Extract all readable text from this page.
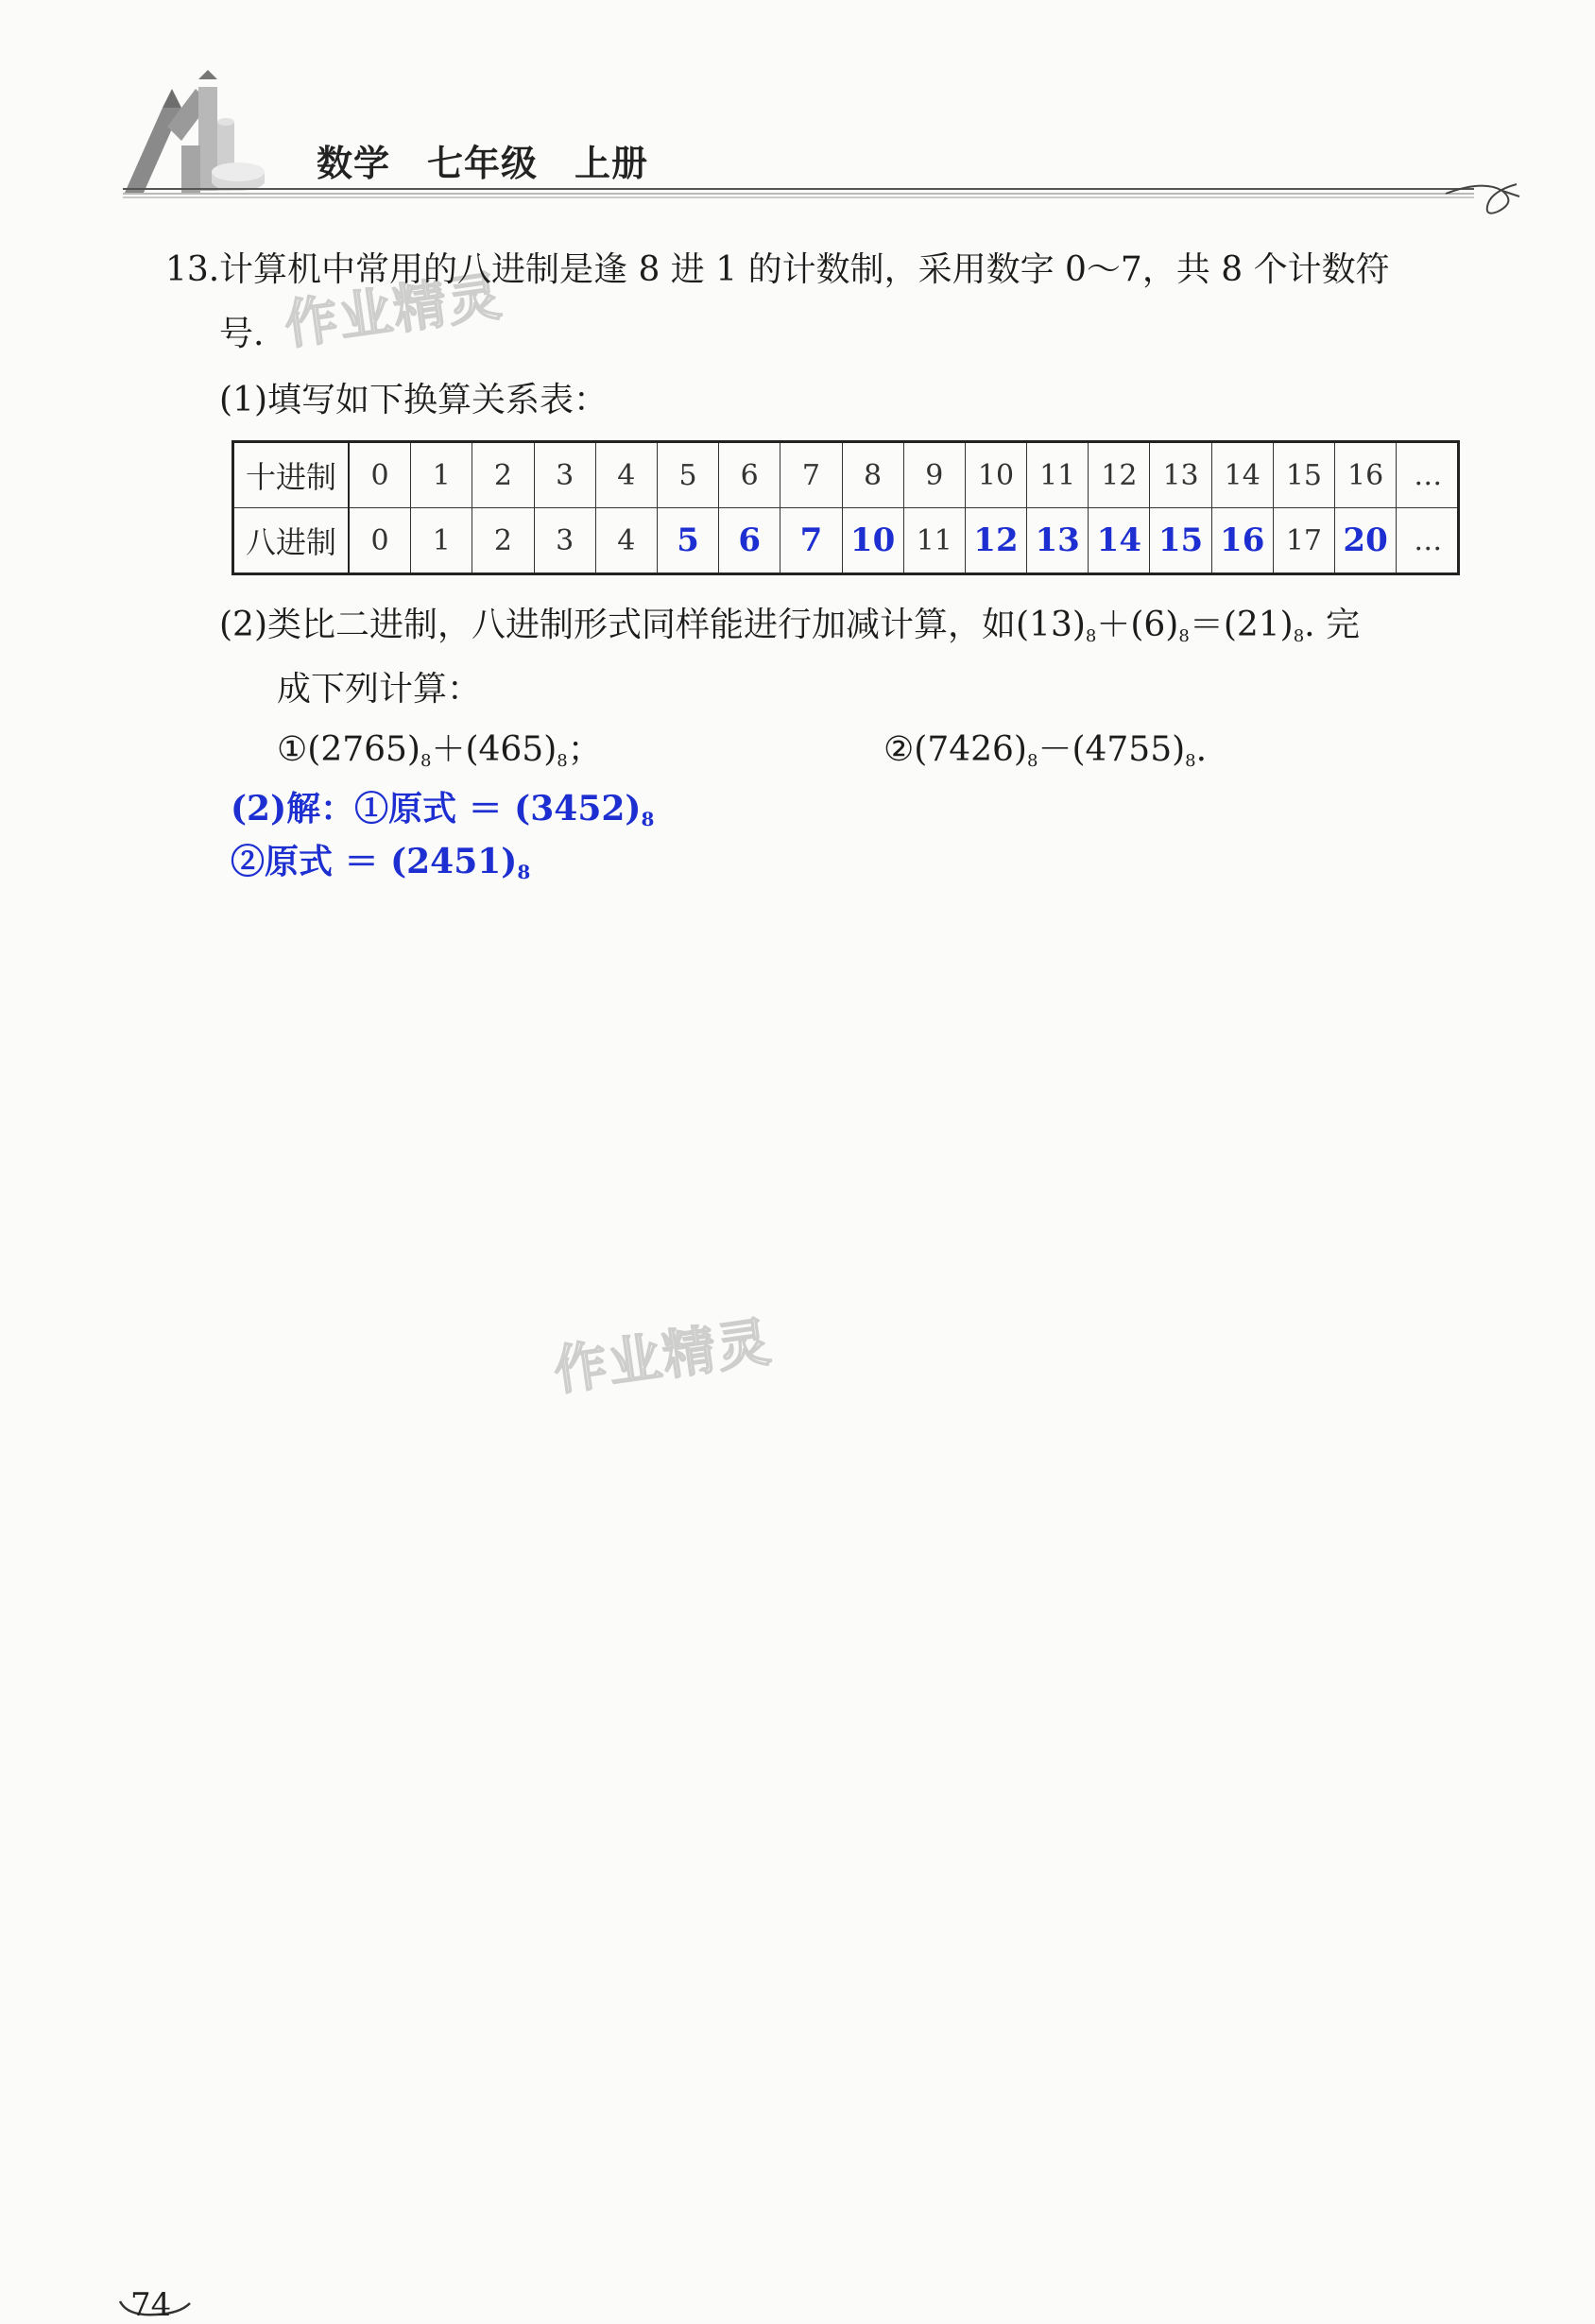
数学　七年级　上册
作业精灵
13. 计算机中常用的八进制是逢 8 进 1 的计数制，采用数字 0～7，共 8 个计数符
号.
(1)填写如下换算关系表：
十进制	0	1	2	3	4	5	6	7	8	9	10	11	12	13	14	15	16	…
八进制	0	1	2	3	4	5	6	7	10	11	12	13	14	15	16	17	20	…
(2)类比二进制，八进制形式同样能进行加减计算，如$(13)_8+(6)_8=(21)_8$. 完
成下列计算：
$①(2765)_8+(465)_8$；	$②(7426)_8-(4755)_8$.
(2)解：①原式 ＝ $(3452)_8$
②原式 ＝ $(2451)_8$
作业精灵
74
